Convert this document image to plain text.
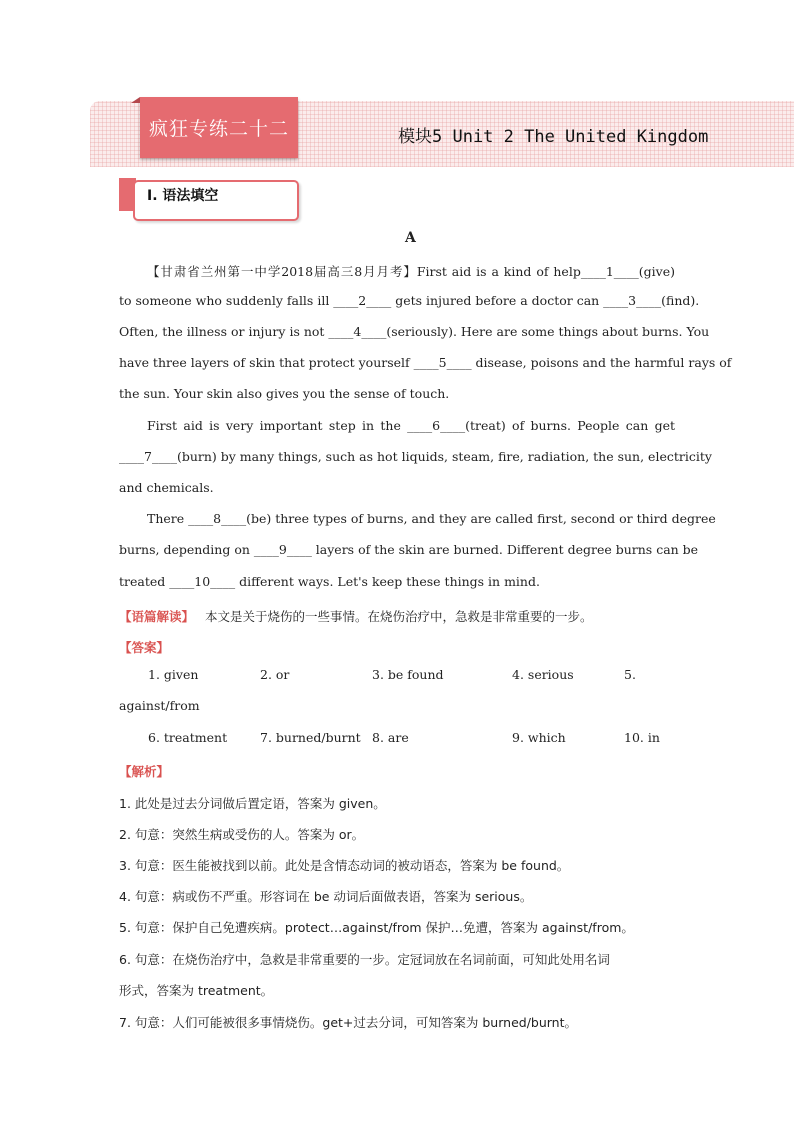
疯狂专练二十二	模块5 Unit 2 The United Kingdom
Ⅰ. 语法填空
A
【甘肃省兰州第一中学2018届高三8月月考】First aid is a kind of help____1____(give)
to someone who suddenly falls ill ____2____ gets injured before a doctor can ____3____(find).
Often, the illness or injury is not ____4____(seriously). Here are some things about burns. You
have three layers of skin that protect yourself ____5____ disease, poisons and the harmful rays of
the sun. Your skin also gives you the sense of touch.
First aid is very important step in the ____6____(treat) of burns. People can get
____7____(burn) by many things, such as hot liquids, steam, fire, radiation, the sun, electricity
and chemicals.
There ____8____(be) three types of burns, and they are called first, second or third degree
burns, depending on ____9____ layers of the skin are burned. Different degree burns can be
treated ____10____ different ways. Let's keep these things in mind.
【语篇解读】 本文是关于烧伤的一些事情。在烧伤治疗中，急救是非常重要的一步。
【答案】
1. given	2. or	3. be found	4. serious	5.
against/from
6. treatment	7. burned/burnt 8. are	9. which	10. in
【解析】
1. 此处是过去分词做后置定语，答案为 given。
2. 句意：突然生病或受伤的人。答案为 or。
3. 句意：医生能被找到以前。此处是含情态动词的被动语态，答案为 be found。
4. 句意：病或伤不严重。形容词在 be 动词后面做表语，答案为 serious。
5. 句意：保护自己免遭疾病。protect…against/from 保护…免遭，答案为 against/from。
6. 句意：在烧伤治疗中，急救是非常重要的一步。定冠词放在名词前面，可知此处用名词
形式，答案为 treatment。
7. 句意：人们可能被很多事情烧伤。get+过去分词，可知答案为 burned/burnt。
